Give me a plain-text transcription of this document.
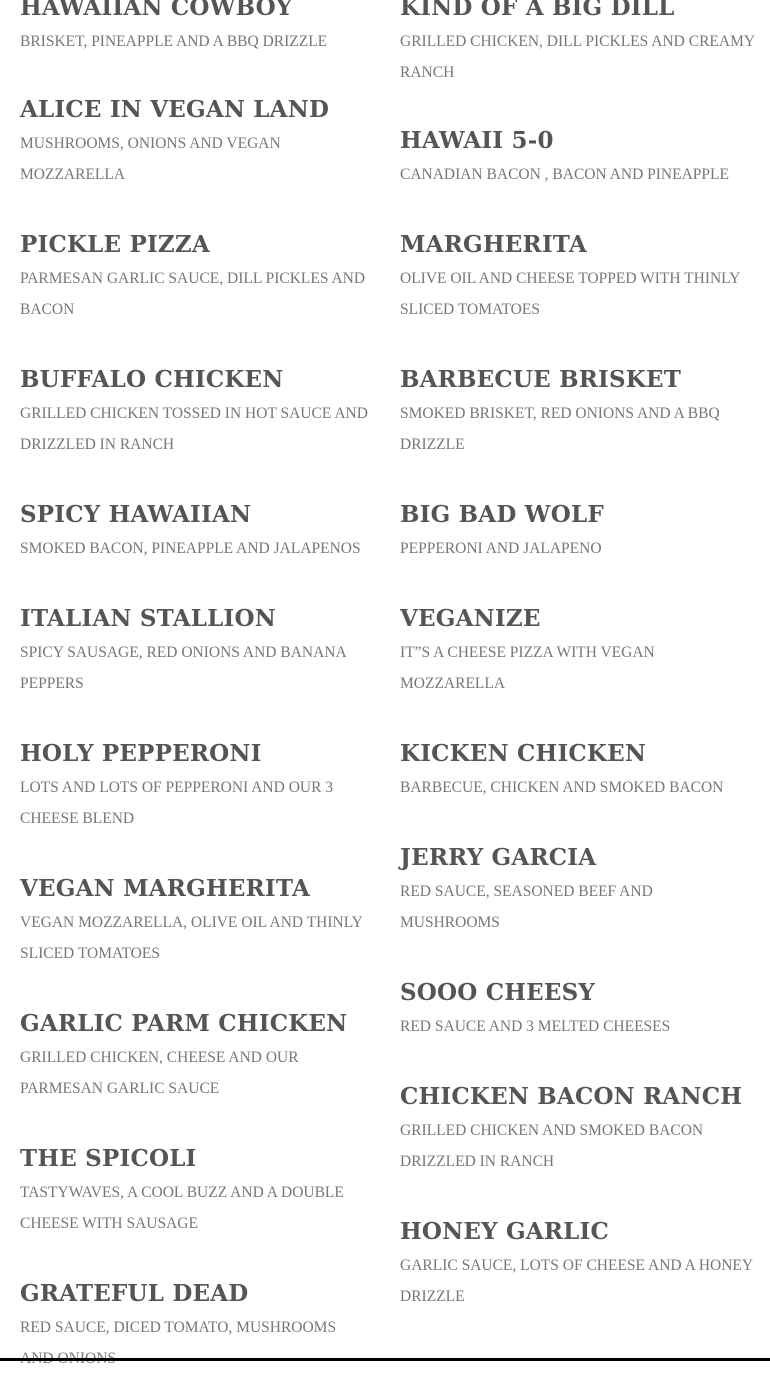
HAWAIIAN COWBOY
BRISKET, PINEAPPLE AND A BBQ DRIZZLE
ALICE IN VEGAN LAND
MUSHROOMS, ONIONS AND VEGAN MOZZARELLA
PICKLE PIZZA
PARMESAN GARLIC SAUCE, DILL PICKLES AND BACON
BUFFALO CHICKEN
GRILLED CHICKEN TOSSED IN HOT SAUCE AND DRIZZLED IN RANCH
SPICY HAWAIIAN
SMOKED BACON, PINEAPPLE AND JALAPENOS
ITALIAN STALLION
SPICY SAUSAGE, RED ONIONS AND BANANA PEPPERS
HOLY PEPPERONI
LOTS AND LOTS OF PEPPERONI AND OUR 3 CHEESE BLEND
VEGAN MARGHERITA
VEGAN MOZZARELLA, OLIVE OIL AND THINLY SLICED TOMATOES
GARLIC PARM CHICKEN
GRILLED CHICKEN, CHEESE AND OUR PARMESAN GARLIC SAUCE
THE SPICOLI
TASTYWAVES, A COOL BUZZ AND A DOUBLE CHEESE WITH SAUSAGE
GRATEFUL DEAD
RED SAUCE, DICED TOMATO, MUSHROOMS
KIND OF A BIG DILL
GRILLED CHICKEN, DILL PICKLES AND CREAMY RANCH
HAWAII 5-0
CANADIAN BACON , BACON AND PINEAPPLE
MARGHERITA
OLIVE OIL AND CHEESE TOPPED WITH THINLY SLICED TOMATOES
BARBECUE BRISKET
SMOKED BRISKET, RED ONIONS AND A BBQ DRIZZLE
BIG BAD WOLF
PEPPERONI AND JALAPENO
VEGANIZE
IT”S A CHEESE PIZZA WITH VEGAN MOZZARELLA
KICKEN CHICKEN
BARBECUE, CHICKEN AND SMOKED BACON
JERRY GARCIA
RED SAUCE, SEASONED BEEF AND MUSHROOMS
SOOO CHEESY
RED SAUCE AND 3 MELTED CHEESES
CHICKEN BACON RANCH
GRILLED CHICKEN AND SMOKED BACON DRIZZLED IN RANCH
HONEY GARLIC
GARLIC SAUCE, LOTS OF CHEESE AND A HONEY DRIZZLE
